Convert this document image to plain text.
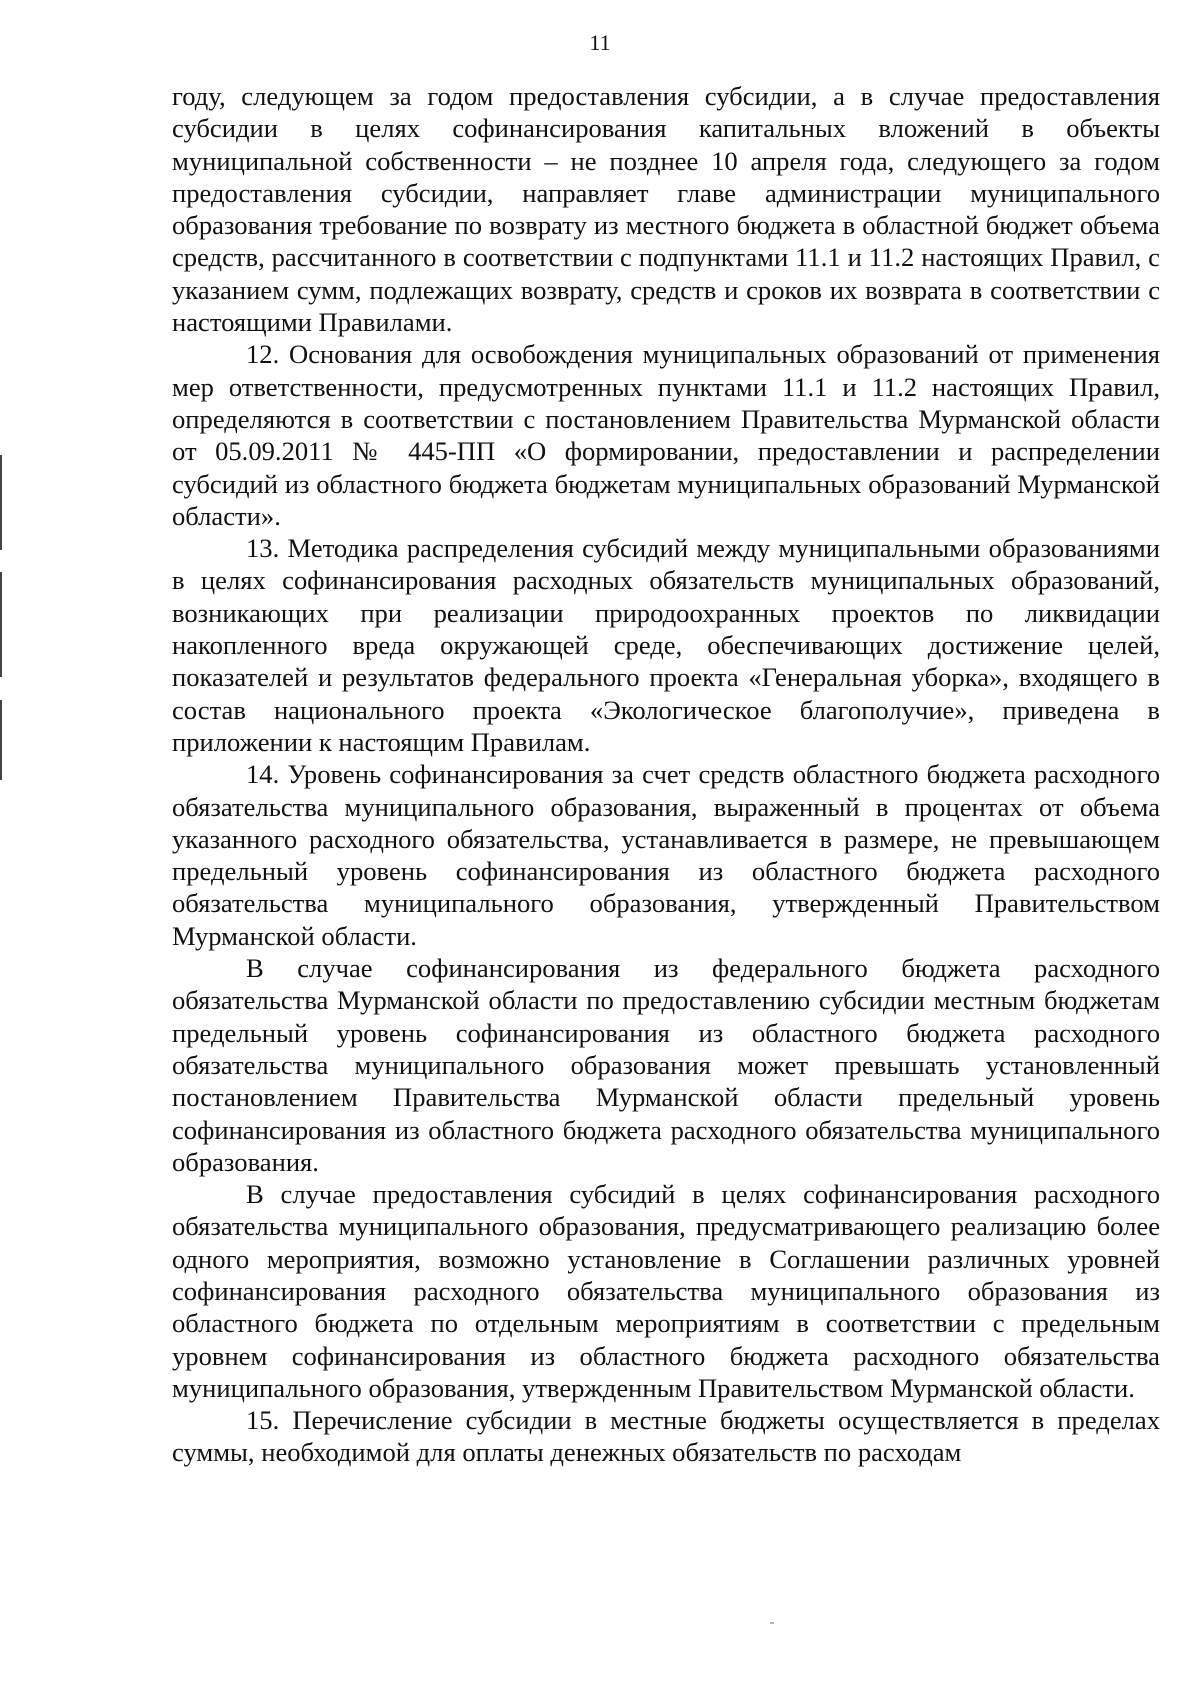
11

году, следующем за годом предоставления субсидии, а в случае предоставления субсидии в целях софинансирования капитальных вложений в объекты муниципальной собственности – не позднее 10 апреля года, следующего за годом предоставления субсидии, направляет главе администрации муниципального образования требование по возврату из местного бюджета в областной бюджет объема средств, рассчитанного в соответствии с подпунктами 11.1 и 11.2 настоящих Правил, с указанием сумм, подлежащих возврату, средств и сроков их возврата в соответствии с настоящими Правилами.

12. Основания для освобождения муниципальных образований от применения мер ответственности, предусмотренных пунктами 11.1 и 11.2 настоящих Правил, определяются в соответствии с постановлением Правительства Мурманской области от 05.09.2011 № 445-ПП «О формировании, предоставлении и распределении субсидий из областного бюджета бюджетам муниципальных образований Мурманской области».

13. Методика распределения субсидий между муниципальными образованиями в целях софинансирования расходных обязательств муниципальных образований, возникающих при реализации природоохранных проектов по ликвидации накопленного вреда окружающей среде, обеспечивающих достижение целей, показателей и результатов федерального проекта «Генеральная уборка», входящего в состав национального проекта «Экологическое благополучие», приведена в приложении к настоящим Правилам.

14. Уровень софинансирования за счет средств областного бюджета расходного обязательства муниципального образования, выраженный в процентах от объема указанного расходного обязательства, устанавливается в размере, не превышающем предельный уровень софинансирования из областного бюджета расходного обязательства муниципального образования, утвержденный Правительством Мурманской области.

В случае софинансирования из федерального бюджета расходного обязательства Мурманской области по предоставлению субсидии местным бюджетам предельный уровень софинансирования из областного бюджета расходного обязательства муниципального образования может превышать установленный постановлением Правительства Мурманской области предельный уровень софинансирования из областного бюджета расходного обязательства муниципального образования.

В случае предоставления субсидий в целях софинансирования расходного обязательства муниципального образования, предусматривающего реализацию более одного мероприятия, возможно установление в Соглашении различных уровней софинансирования расходного обязательства муниципального образования из областного бюджета по отдельным мероприятиям в соответствии с предельным уровнем софинансирования из областного бюджета расходного обязательства муниципального образования, утвержденным Правительством Мурманской области.

15. Перечисление субсидии в местные бюджеты осуществляется в пределах суммы, необходимой для оплаты денежных обязательств по расходам
